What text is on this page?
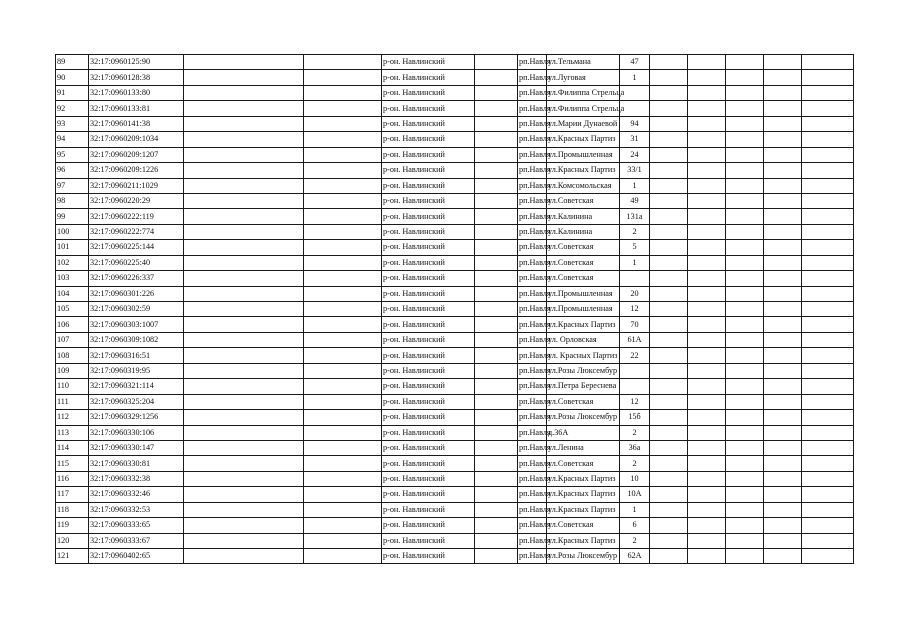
89	32:17:0960125:90			р-он. Навлинский		рп.Навля	ул.Тельмана	47					
90	32:17:0960128:38			р-он. Навлинский		рп.Навля	ул.Луговая	1					
91	32:17:0960133:80			р-он. Навлинский		рп.Навля	ул.Филиппа Стрельца						
92	32:17:0960133:81			р-он. Навлинский		рп.Навля	ул.Филиппа Стрельца						
93	32:17:0960141:38			р-он. Навлинский		рп.Навля	ул.Марии Дунаевой	94					
94	32:17:0960209:1034			р-он. Навлинский		рп.Навля	ул.Красных Партиз	31					
95	32:17:0960209:1207			р-он. Навлинский		рп.Навля	ул.Промышленная	24					
96	32:17:0960209:1226			р-он. Навлинский		рп.Навля	ул.Красных Партиз	33/1					
97	32:17:0960211:1029			р-он. Навлинский		рп.Навля	ул.Комсомольская	1					
98	32:17:0960220:29			р-он. Навлинский		рп.Навля	ул.Советская	49					
99	32:17:0960222:119			р-он. Навлинский		рп.Навля	ул.Калинина	131а					
100	32:17:0960222:774			р-он. Навлинский		рп.Навля	ул.Калинина	2					
101	32:17:0960225:144			р-он. Навлинский		рп.Навля	ул.Советская	5					
102	32:17:0960225:40			р-он. Навлинский		рп.Навля	ул.Советская	1					
103	32:17:0960226:337			р-он. Навлинский		рп.Навля	ул.Советская						
104	32:17:0960301:226			р-он. Навлинский		рп.Навля	ул.Промышленная	20					
105	32:17:0960302:59			р-он. Навлинский		рп.Навля	ул.Промышленная	12					
106	32:17:0960303:1007			р-он. Навлинский		рп.Навля	ул.Красных Партиз	70					
107	32:17:0960309:1082			р-он. Навлинский		рп.Навля	ул. Орловская	61А					
108	32:17:0960316:51			р-он. Навлинский		рп.Навля	ул. Красных Партиз	22					
109	32:17:0960319:95			р-он. Навлинский		рп.Навля	ул.Розы Люксембур						
110	32:17:0960321:114			р-он. Навлинский		рп.Навля	ул.Петра Бересневa						
111	32:17:0960325:204			р-он. Навлинский		рп.Навля	ул.Советская	12					
112	32:17:0960329:1256			р-он. Навлинский		рп.Навля	ул.Розы Люксембур	15б					
113	32:17:0960330:106			р-он. Навлинский		рп.Навля	д.36А	2					
114	32:17:0960330:147			р-он. Навлинский		рп.Навля	ул.Ленина	36а					
115	32:17:0960330:81			р-он. Навлинский		рп.Навля	ул.Советская	2					
116	32:17:0960332:38			р-он. Навлинский		рп.Навля	ул.Красных Партиз	10					
117	32:17:0960332:46			р-он. Навлинский		рп.Навля	ул.Красных Партиз	10А					
118	32:17:0960332:53			р-он. Навлинский		рп.Навля	ул.Красных Партиз	1					
119	32:17:0960333:65			р-он. Навлинский		рп.Навля	ул.Советская	6					
120	32:17:0960333:67			р-он. Навлинский		рп.Навля	ул.Красных Партиз	2					
121	32:17:0960402:65			р-он. Навлинский		рп.Навля	ул.Розы Люксембур	62А					
